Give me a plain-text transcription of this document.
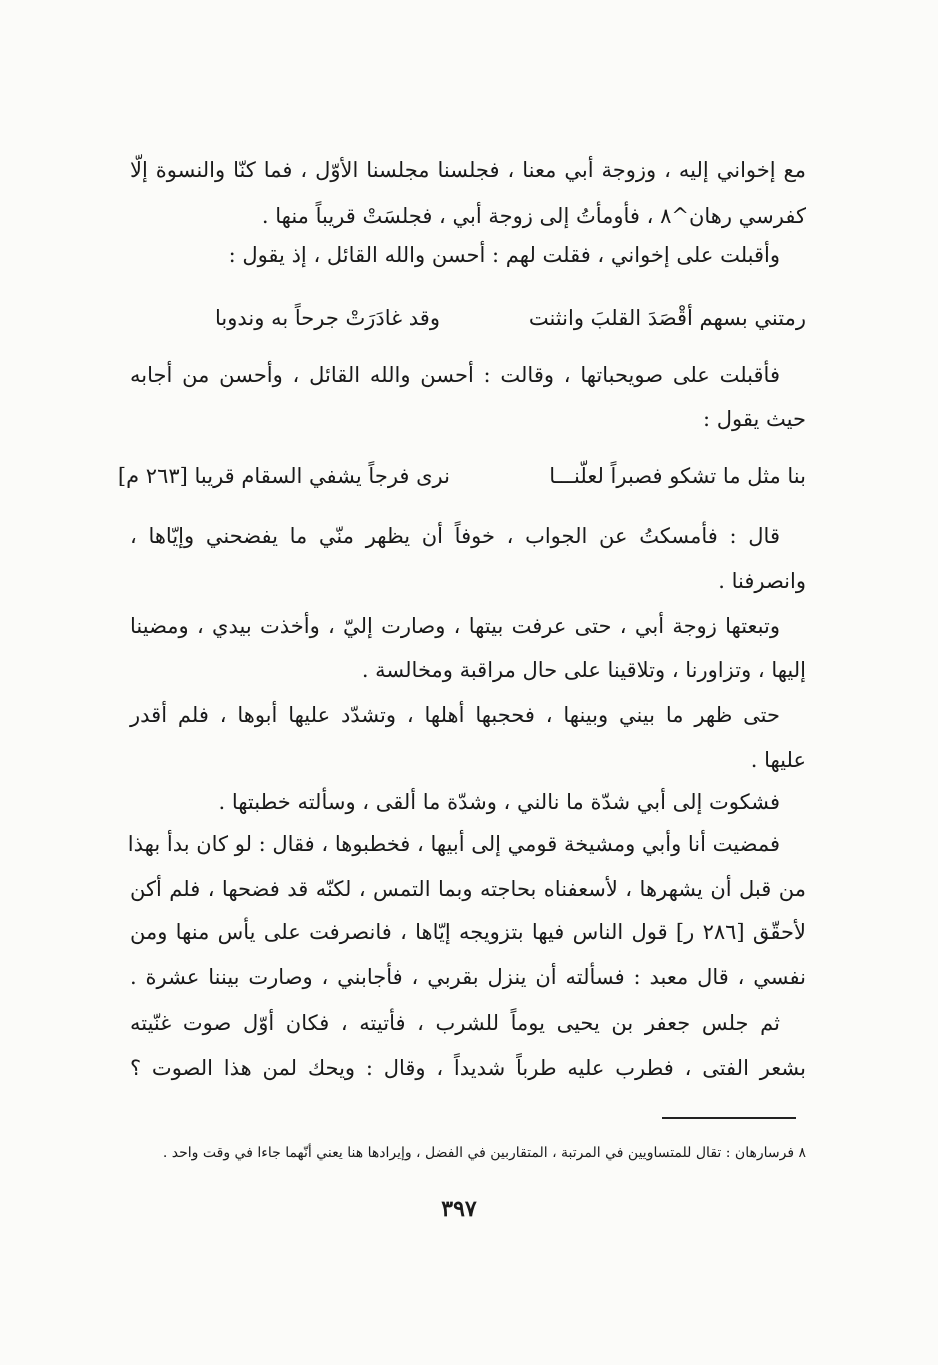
مع إخواني إليه ، وزوجة أبي معنا ، فجلسنا مجلسنا الأوّل ، فما كنّا والنسوة إلّا
كفرسي رهان^٨ ، فأومأتُ إلى زوجة أبي ، فجلسَتْ قريباً منها .
وأقبلت على إخواني ، فقلت لهم : أحسن والله القائل ، إذ يقول :
رمتني بسهم أقْصَدَ القلبَ وانثنت
وقد غادَرَتْ جرحاً به وندوبا
فأقبلت على صويحباتها ، وقالت : أحسن والله القائل ، وأحسن من أجابه
حيث يقول :
بنا مثل ما تشكو فصبراً لعلّنـــا
نرى فرجاً يشفي السقام قريبا [٢٦٣ م]
قال : فأمسكتُ عن الجواب ، خوفاً أن يظهر منّي ما يفضحني وإيّاها ،
وانصرفنا .
وتبعتها زوجة أبي ، حتى عرفت بيتها ، وصارت إليّ ، وأخذت بيدي ، ومضينا
إليها ، وتزاورنا ، وتلاقينا على حال مراقبة ومخالسة .
حتى ظهر ما بيني وبينها ، فحجبها أهلها ، وتشدّد عليها أبوها ، فلم أقدر
عليها .
فشكوت إلى أبي شدّة ما نالني ، وشدّة ما ألقى ، وسألته خطبتها .
فمضيت أنا وأبي ومشيخة قومي إلى أبيها ، فخطبوها ، فقال : لو كان بدأ بهذا
من قبل أن يشهرها ، لأسعفناه بحاجته وبما التمس ، لكنّه قد فضحها ، فلم أكن
لأحقّق [٢٨٦ ر] قول الناس فيها بتزويجه إيّاها ، فانصرفت على يأس منها ومن
نفسي ، قال معبد : فسألته أن ينزل بقربي ، فأجابني ، وصارت بيننا عشرة .
ثم جلس جعفر بن يحيى يوماً للشرب ، فأتيته ، فكان أوّل صوت غنّيته
بشعر الفتى ، فطرب عليه طرباً شديداً ، وقال : ويحك لمن هذا الصوت ؟
٨ فرسارهان : تقال للمتساويين في المرتبة ، المتقاربين في الفضل ، وإيرادها هنا يعني أنّهما جاءا في وقت واحد .
٣٩٧
